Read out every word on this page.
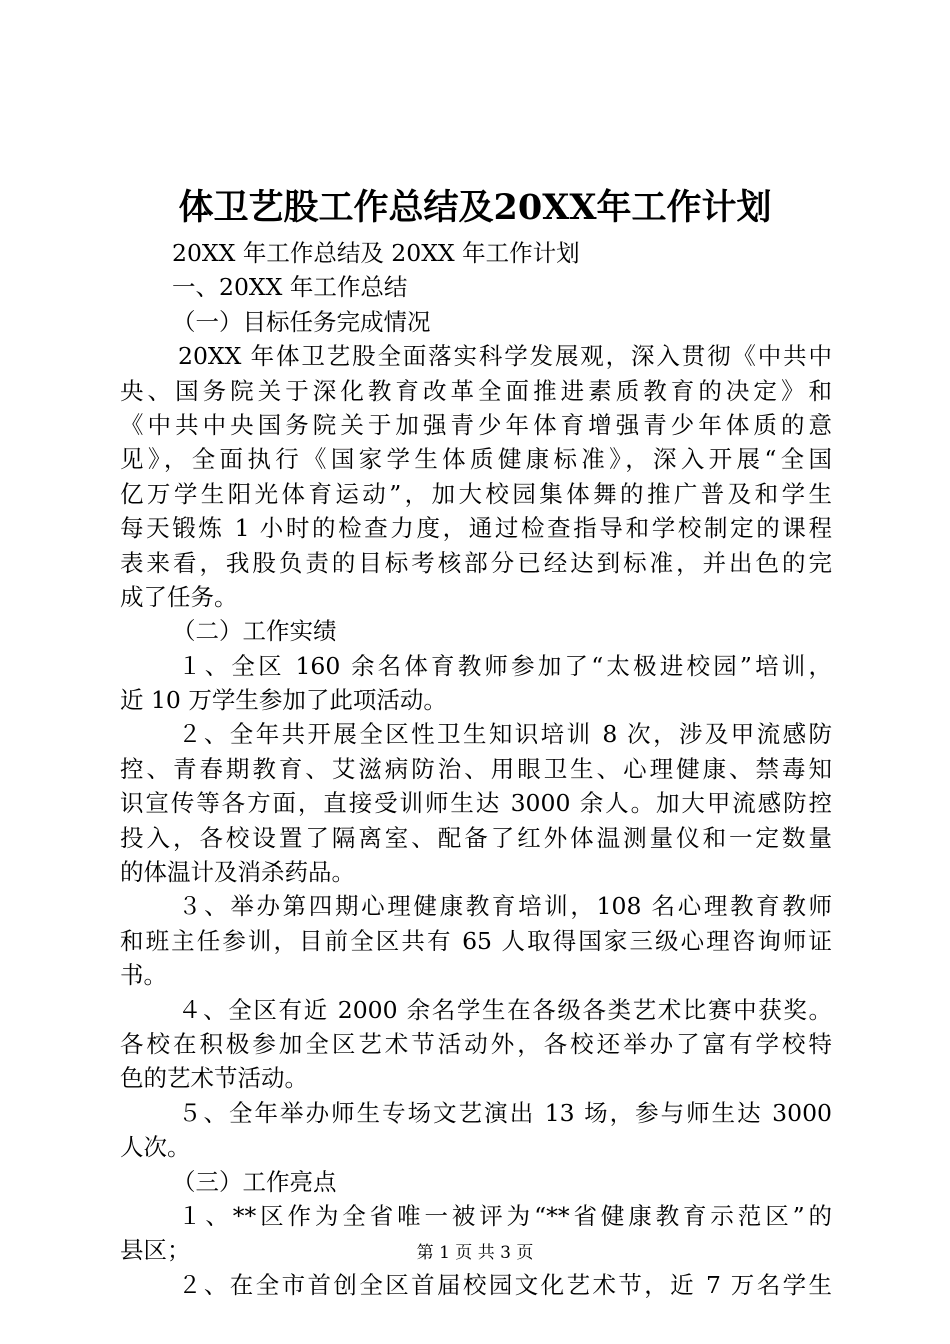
体卫艺股工作总结及20XX年工作计划
20XX 年工作总结及 20XX 年工作计划
一、20XX 年工作总结
（一）目标任务完成情况
20XX 年体卫艺股全面落实科学发展观，深入贯彻《中共中
央、国务院关于深化教育改革全面推进素质教育的决定》和
《中共中央国务院关于加强青少年体育增强青少年体质的意
见》，全面执行《国家学生体质健康标准》，深入开展“全国
亿万学生阳光体育运动”，加大校园集体舞的推广普及和学生
每天锻炼 1 小时的检查力度，通过检查指导和学校制定的课程
表来看，我股负责的目标考核部分已经达到标准，并出色的完
成了任务。
（二）工作实绩
１、全区 160 余名体育教师参加了“太极进校园”培训，
近 10 万学生参加了此项活动。
２、全年共开展全区性卫生知识培训 8 次，涉及甲流感防
控、青春期教育、艾滋病防治、用眼卫生、心理健康、禁毒知
识宣传等各方面，直接受训师生达 3000 余人。加大甲流感防控
投入，各校设置了隔离室、配备了红外体温测量仪和一定数量
的体温计及消杀药品。
３、举办第四期心理健康教育培训，108 名心理教育教师
和班主任参训，目前全区共有 65 人取得国家三级心理咨询师证
书。
４、全区有近 2000 余名学生在各级各类艺术比赛中获奖。
各校在积极参加全区艺术节活动外，各校还举办了富有学校特
色的艺术节活动。
５、全年举办师生专场文艺演出 13 场，参与师生达 3000
人次。
（三）工作亮点
１、**区作为全省唯一被评为“**省健康教育示范区”的
县区；
２、在全市首创全区首届校园文化艺术节，近 7 万名学生
第 1 页 共 3 页
